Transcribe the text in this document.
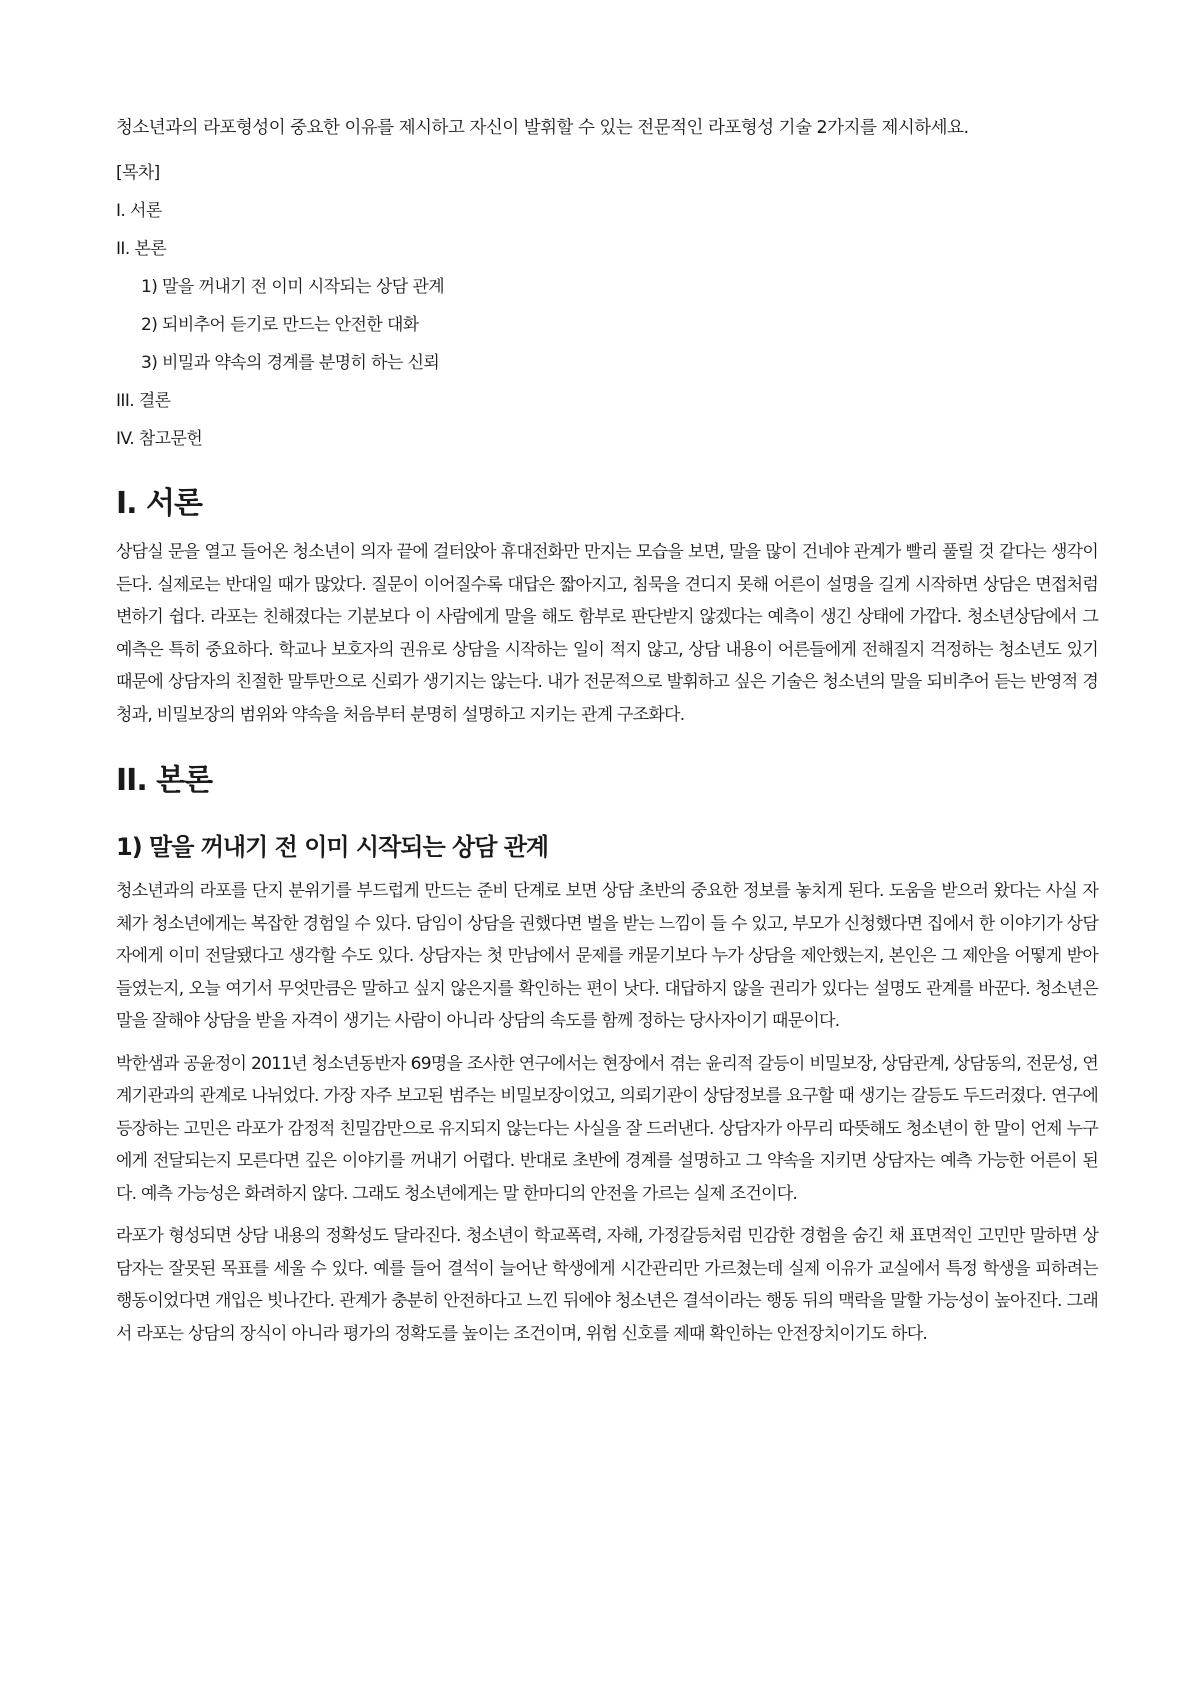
청소년과의 라포형성이 중요한 이유를 제시하고 자신이 발휘할 수 있는 전문적인 라포형성 기술 2가지를 제시하세요.

[목차]
I. 서론
II. 본론
1) 말을 꺼내기 전 이미 시작되는 상담 관계
2) 되비추어 듣기로 만드는 안전한 대화
3) 비밀과 약속의 경계를 분명히 하는 신뢰
III. 결론
IV. 참고문헌
I. 서론

상담실 문을 열고 들어온 청소년이 의자 끝에 걸터앉아 휴대전화만 만지는 모습을 보면, 말을 많이 건네야 관계가 빨리 풀릴 것 같다는 생각이 든다. 실제로는 반대일 때가 많았다. 질문이 이어질수록 대답은 짧아지고, 침묵을 견디지 못해 어른이 설명을 길게 시작하면 상담은 면접처럼 변하기 쉽다. 라포는 친해졌다는 기분보다 이 사람에게 말을 해도 함부로 판단받지 않겠다는 예측이 생긴 상태에 가깝다. 청소년상담에서 그 예측은 특히 중요하다. 학교나 보호자의 권유로 상담을 시작하는 일이 적지 않고, 상담 내용이 어른들에게 전해질지 걱정하는 청소년도 있기 때문에 상담자의 친절한 말투만으로 신뢰가 생기지는 않는다. 내가 전문적으로 발휘하고 싶은 기술은 청소년의 말을 되비추어 듣는 반영적 경청과, 비밀보장의 범위와 약속을 처음부터 분명히 설명하고 지키는 관계 구조화다.

II. 본론
1) 말을 꺼내기 전 이미 시작되는 상담 관계

청소년과의 라포를 단지 분위기를 부드럽게 만드는 준비 단계로 보면 상담 초반의 중요한 정보를 놓치게 된다. 도움을 받으러 왔다는 사실 자체가 청소년에게는 복잡한 경험일 수 있다. 담임이 상담을 권했다면 벌을 받는 느낌이 들 수 있고, 부모가 신청했다면 집에서 한 이야기가 상담자에게 이미 전달됐다고 생각할 수도 있다. 상담자는 첫 만남에서 문제를 캐묻기보다 누가 상담을 제안했는지, 본인은 그 제안을 어떻게 받아들였는지, 오늘 여기서 무엇만큼은 말하고 싶지 않은지를 확인하는 편이 낫다. 대답하지 않을 권리가 있다는 설명도 관계를 바꾼다. 청소년은 말을 잘해야 상담을 받을 자격이 생기는 사람이 아니라 상담의 속도를 함께 정하는 당사자이기 때문이다.

박한샘과 공윤정이 2011년 청소년동반자 69명을 조사한 연구에서는 현장에서 겪는 윤리적 갈등이 비밀보장, 상담관계, 상담동의, 전문성, 연계기관과의 관계로 나뉘었다. 가장 자주 보고된 범주는 비밀보장이었고, 의뢰기관이 상담정보를 요구할 때 생기는 갈등도 두드러졌다. 연구에 등장하는 고민은 라포가 감정적 친밀감만으로 유지되지 않는다는 사실을 잘 드러낸다. 상담자가 아무리 따뜻해도 청소년이 한 말이 언제 누구에게 전달되는지 모른다면 깊은 이야기를 꺼내기 어렵다. 반대로 초반에 경계를 설명하고 그 약속을 지키면 상담자는 예측 가능한 어른이 된다. 예측 가능성은 화려하지 않다. 그래도 청소년에게는 말 한마디의 안전을 가르는 실제 조건이다.

라포가 형성되면 상담 내용의 정확성도 달라진다. 청소년이 학교폭력, 자해, 가정갈등처럼 민감한 경험을 숨긴 채 표면적인 고민만 말하면 상담자는 잘못된 목표를 세울 수 있다. 예를 들어 결석이 늘어난 학생에게 시간관리만 가르쳤는데 실제 이유가 교실에서 특정 학생을 피하려는 행동이었다면 개입은 빗나간다. 관계가 충분히 안전하다고 느낀 뒤에야 청소년은 결석이라는 행동 뒤의 맥락을 말할 가능성이 높아진다. 그래서 라포는 상담의 장식이 아니라 평가의 정확도를 높이는 조건이며, 위험 신호를 제때 확인하는 안전장치이기도 하다.
